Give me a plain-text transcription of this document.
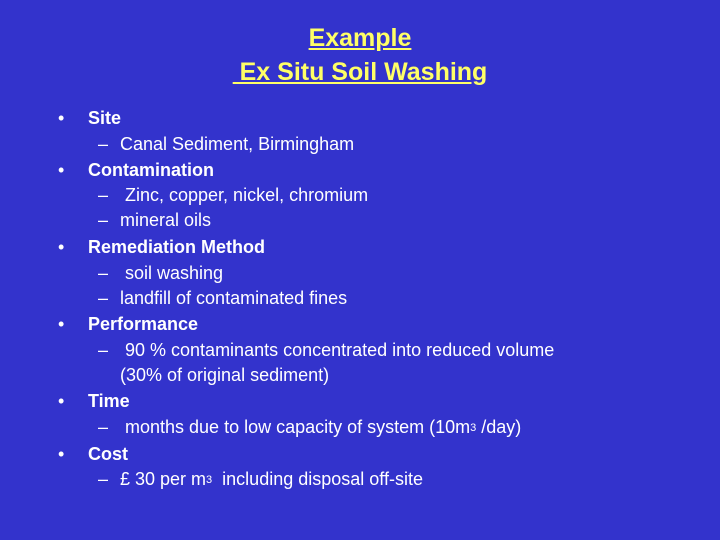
Example
Ex Situ Soil Washing
• Site
– Canal Sediment, Birmingham
• Contamination
– Zinc, copper, nickel, chromium
– mineral oils
• Remediation Method
– soil washing
– landfill of contaminated fines
• Performance
– 90 % contaminants concentrated into reduced volume
(30% of original sediment)
• Time
– months due to low capacity of system ($10m^3$ /day)
• Cost
– £ 30 per $m^3$  including disposal off-site
